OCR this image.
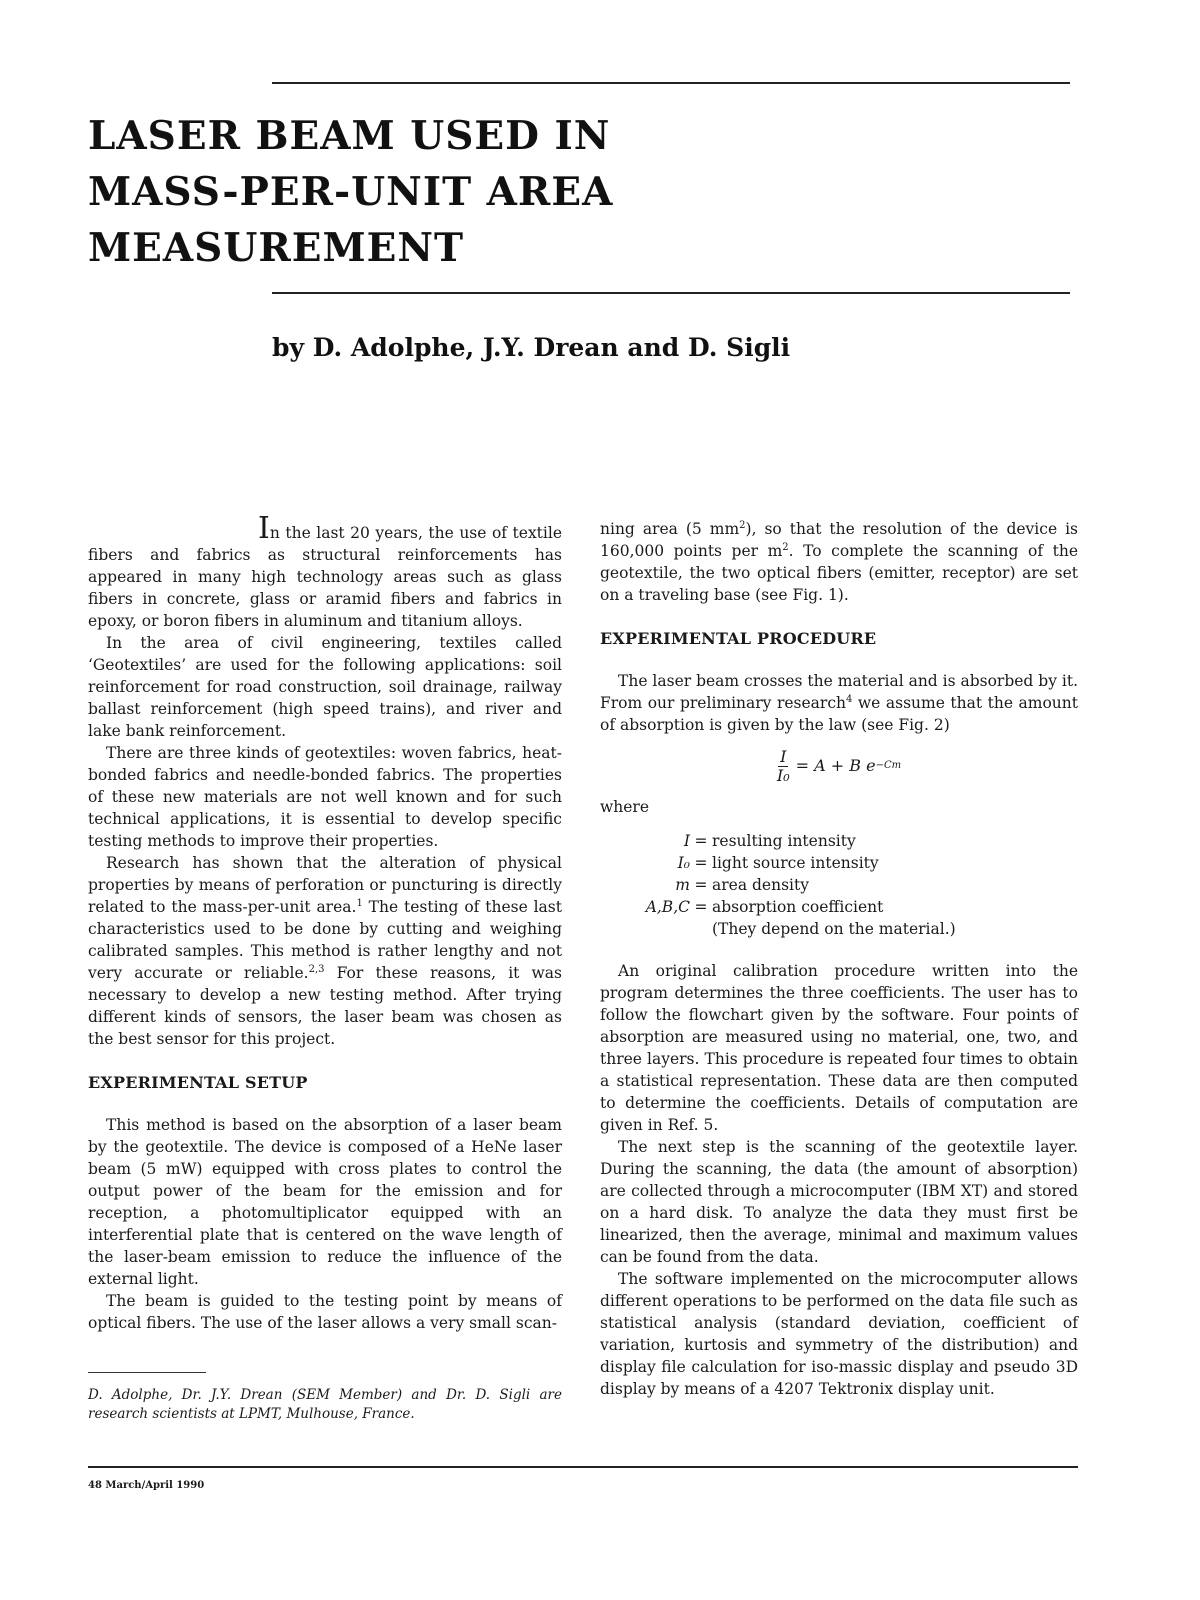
LASER BEAM USED IN
MASS-PER-UNIT AREA
MEASUREMENT

by D. Adolphe, J.Y. Drean and D. Sigli

In the last 20 years, the use of textile fibers and fabrics as structural reinforcements has appeared in many high technology areas such as glass fibers in concrete, glass or aramid fibers and fabrics in epoxy, or boron fibers in aluminum and titanium alloys.

In the area of civil engineering, textiles called ‘Geotextiles’ are used for the following applications: soil reinforcement for road construction, soil drainage, railway ballast reinforcement (high speed trains), and river and lake bank reinforcement.

There are three kinds of geotextiles: woven fabrics, heat-bonded fabrics and needle-bonded fabrics. The properties of these new materials are not well known and for such technical applications, it is essential to develop specific testing methods to improve their properties.

Research has shown that the alteration of physical properties by means of perforation or puncturing is directly related to the mass-per-unit area.$^1$ The testing of these last characteristics used to be done by cutting and weighing calibrated samples. This method is rather lengthy and not very accurate or reliable.$^{2,3}$ For these reasons, it was necessary to develop a new testing method. After trying different kinds of sensors, the laser beam was chosen as the best sensor for this project.

EXPERIMENTAL SETUP

This method is based on the absorption of a laser beam by the geotextile. The device is composed of a HeNe laser beam (5 mW) equipped with cross plates to control the output power of the beam for the emission and for reception, a photomultiplicator equipped with an interferential plate that is centered on the wave length of the laser-beam emission to reduce the influence of the external light.

The beam is guided to the testing point by means of optical fibers. The use of the laser allows a very small scan-

D. Adolphe, Dr. J.Y. Drean (SEM Member) and Dr. D. Sigli are research scientists at LPMT, Mulhouse, France.

ning area (5 $mm^2$), so that the resolution of the device is 160,000 points per $m^2$. To complete the scanning of the geotextile, the two optical fibers (emitter, receptor) are set on a traveling base (see Fig. 1).

EXPERIMENTAL PROCEDURE

The laser beam crosses the material and is absorbed by it. From our preliminary research$^4$ we assume that the amount of absorption is given by the law (see Fig. 2)

$\frac{I}{\text{I₀}} = A + B$ e −Cm

where

I = resulting intensity
I₀ = light source intensity
m = area density
A,B,C = absorption coefficient
(They depend on the material.)

An original calibration procedure written into the program determines the three coefficients. The user has to follow the flowchart given by the software. Four points of absorption are measured using no material, one, two, and three layers. This procedure is repeated four times to obtain a statistical representation. These data are then computed to determine the coefficients. Details of computation are given in Ref. 5.

The next step is the scanning of the geotextile layer. During the scanning, the data (the amount of absorption) are collected through a microcomputer (IBM XT) and stored on a hard disk. To analyze the data they must first be linearized, then the average, minimal and maximum values can be found from the data.

The software implemented on the microcomputer allows different operations to be performed on the data file such as statistical analysis (standard deviation, coefficient of variation, kurtosis and symmetry of the distribution) and display file calculation for iso-massic display and pseudo 3D display by means of a 4207 Tektronix display unit.

48 March/April 1990
